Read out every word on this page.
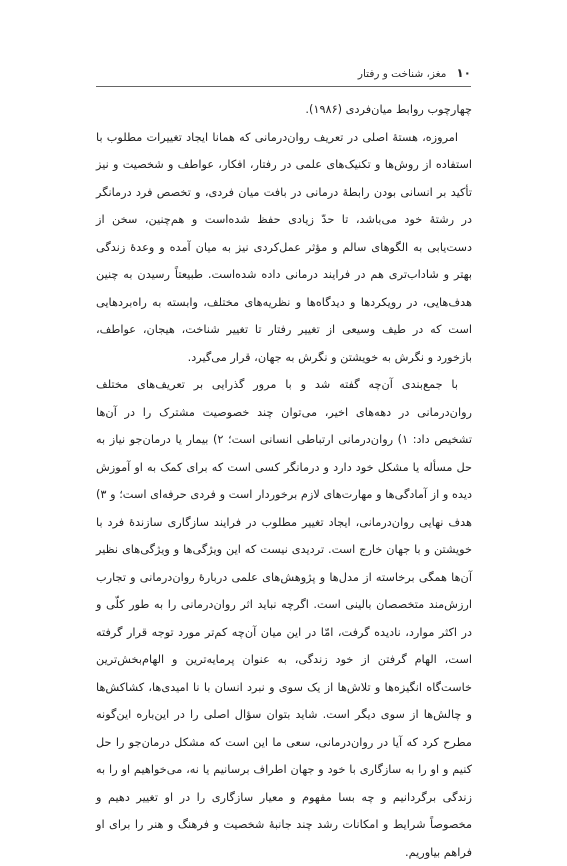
۱۰
مغز، شناخت و رفتار

چهارچوب روابط میان‌فردی (۱۹۸۶).

امروزه، هستهٔ اصلی در تعریف روان‌درمانی که همانا ایجاد تغییرات مطلوب با استفاده از روش‌ها و تکنیک‌های علمی در رفتار، افکار، عواطف و شخصیت و نیز تأکید بر انسانی بودن رابطهٔ درمانی در بافت میان فردی، و تخصص فرد درمانگر در رشتهٔ خود می‌باشد، تا حدّ زیادی حفظ شده‌است و هم‌چنین، سخن از دست‌یابی به الگوهای سالم و مؤثر عمل‌کردی نیز به میان آمده و وعدهٔ زندگی بهتر و شاداب‌تری هم در فرایند درمانی داده شده‌است. طبیعتاً رسیدن به چنین هدف‌هایی، در رویکردها و دیدگاه‌ها و نظریه‌های مختلف، وابسته به راه‌بردهایی است که در طیف وسیعی از تغییر رفتار تا تغییر شناخت، هیجان، عواطف، بازخورد و نگرش به خویشتن و نگرش به جهان، قرار می‌گیرد.

با جمع‌بندی آن‌چه گفته شد و با مرور گذرایی بر تعریف‌های مختلف روان‌درمانی در دهه‌های اخیر، می‌توان چند خصوصیت مشترک را در آن‌ها تشخیص داد: ۱) روان‌درمانی ارتباطی انسانی است؛ ۲) بیمار یا درمان‌جو نیاز به حل مسأله یا مشکل خود دارد و درمانگر کسی است که برای کمک به او آموزش دیده و از آمادگی‌ها و مهارت‌های لازم برخوردار است و فردی حرفه‌ای است؛ و ۳) هدف نهایی روان‌درمانی، ایجاد تغییر مطلوب در فرایند سازگاری سازندهٔ فرد با خویشتن و با جهان خارج است. تردیدی نیست که این ویژگی‌ها و ویژگی‌های نظیر آن‌ها همگی برخاسته از مدل‌ها و پژوهش‌های علمی دربارهٔ روان‌درمانی و تجارب ارزش‌مند متخصصان بالینی است. اگرچه نباید اثر روان‌درمانی را به طور کلّی و در اکثر موارد، نادیده گرفت، امّا در این میان آن‌چه کم‌تر مورد توجه قرار گرفته است، الهام گرفتن از خود زندگی، به عنوان پرمایه‌ترین و الهام‌بخش‌ترین خاست‌گاه انگیزه‌ها و تلاش‌ها از یک سوی و نبرد انسان با نا امیدی‌ها، کشاکش‌ها و چالش‌ها از سوی دیگر است. شاید بتوان سؤال اصلی را در این‌باره این‌گونه مطرح کرد که آیا در روان‌درمانی، سعی ما این است که مشکل درمان‌جو را حل کنیم و او را به سازگاری با خود و جهان اطراف برسانیم یا نه، می‌خواهیم او را به زندگی برگردانیم و چه بسا مفهوم و معیار سازگاری را در او تغییر دهیم و مخصوصاً شرایط و امکانات رشد چند جانبهٔ شخصیت و فرهنگ و هنر را برای او فراهم بیاوریم.
